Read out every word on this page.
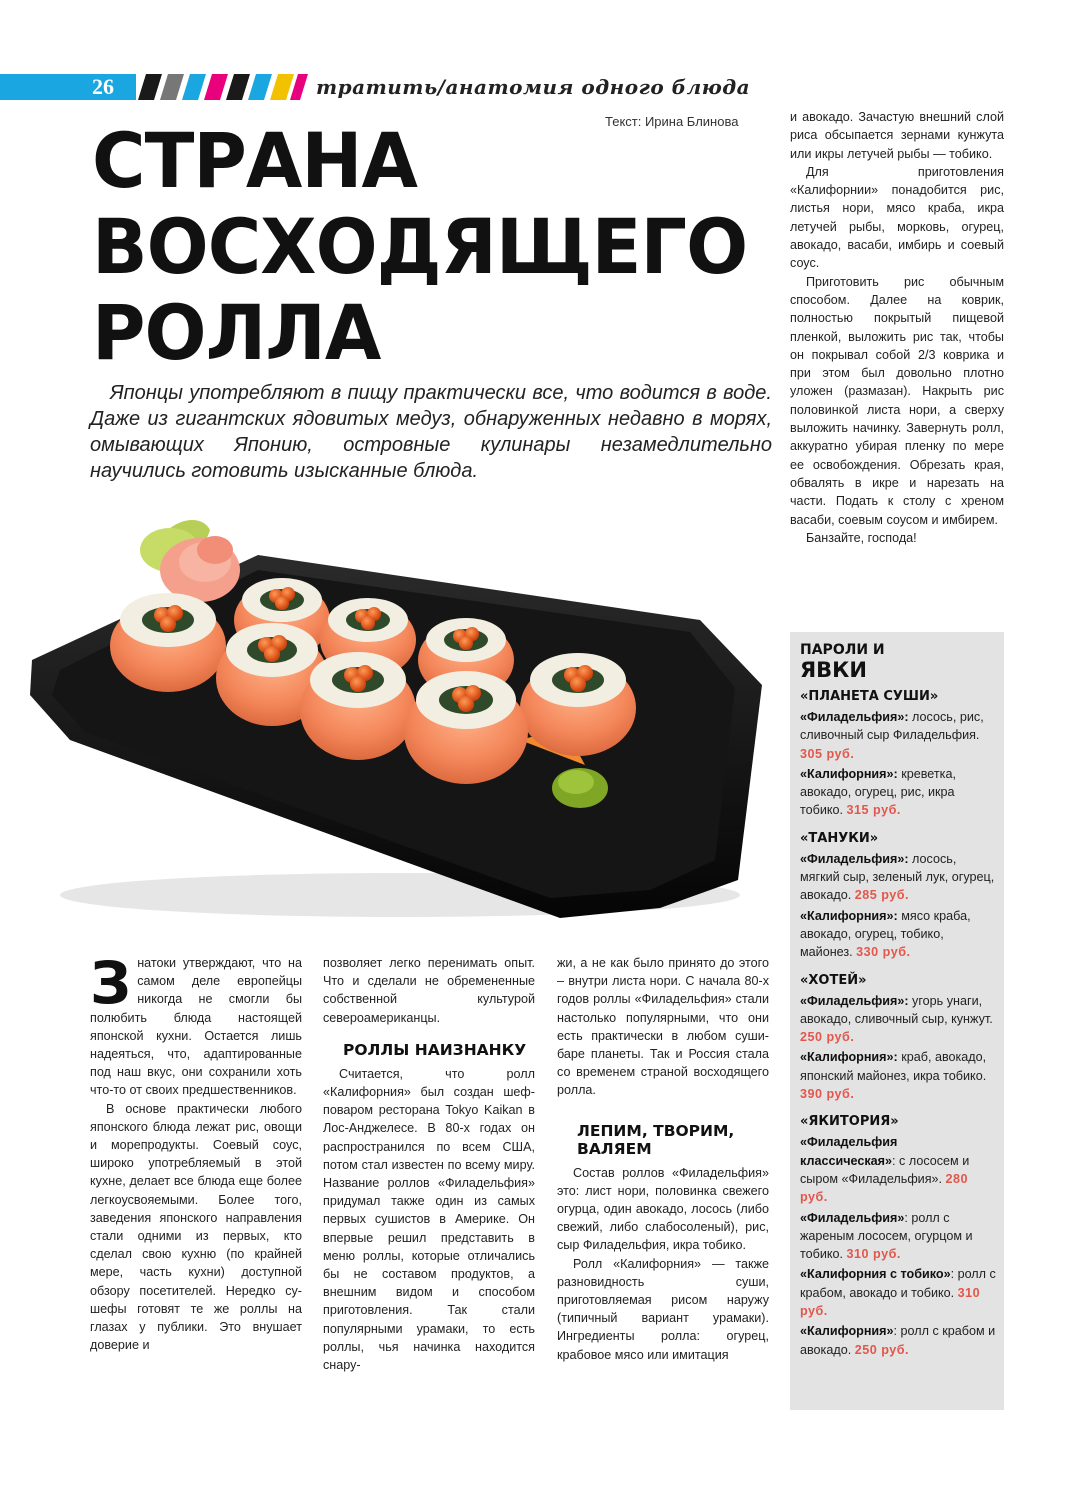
26	тратить/анатомия одного блюда
Текст: Ирина Блинова
СТРАНА
ВОСХОДЯЩЕГО
РОЛЛА

Японцы употребляют в пищу практически все, что водится в воде. Даже из гигантских ядовитых медуз, обнаруженных недавно в морях, омывающих Японию, островные кулинары незамедлительно научились готовить изысканные блюда.

и авокадо. Зачастую внешний слой риса обсыпается зернами кунжута или икры летучей рыбы — тобико.

Для приготовления «Калифорнии» понадобится рис, листья нори, мясо краба, икра летучей рыбы, морковь, огурец, авокадо, васаби, имбирь и соевый соус.

Приготовить рис обычным способом. Далее на коврик, полностью покрытый пищевой пленкой, выложить рис так, чтобы он покрывал собой 2/3 коврика и при этом был довольно плотно уложен (размазан). Накрыть рис половинкой листа нори, а сверху выложить начинку. Завернуть ролл, аккуратно убирая пленку по мере ее освобождения. Обрезать края, обвалять в икре и нарезать на части. Подать к столу с хреном васаби, соевым соусом и имбирем.

Банзайте, господа!

Знатоки утверждают, что на самом деле европейцы никогда не смогли бы полюбить блюда настоящей японской кухни. Остается лишь надеяться, что, адаптированные под наш вкус, они сохранили хоть что-то от своих предшественников.

В основе практически любого японского блюда лежат рис, овощи и морепродукты. Соевый соус, широко употребляемый в этой кухне, делает все блюда еще более легкоусвояемыми. Более того, заведения японского направления стали одними из первых, кто сделал свою кухню (по крайней мере, часть кухни) доступной обзору посетителей. Нередко су-шефы готовят те же роллы на глазах у публики. Это внушает доверие и

позволяет легко перенимать опыт. Что и сделали не обремененные собственной культурой североамериканцы.

РОЛЛЫ НАИЗНАНКУ

Считается, что ролл «Калифорния» был создан шеф-поваром ресторана Tokyo Kaikan в Лос-Анджелесе. В 80-х годах он распространился по всем США, потом стал известен по всему миру. Название роллов «Филадельфия» придумал также один из самых первых сушистов в Америке. Он впервые решил представить в меню роллы, которые отличались бы не составом продуктов, а внешним видом и способом приготовления. Так стали популярными урамаки, то есть роллы, чья начинка находится снару-

жи, а не как было принято до этого – внутри листа нори. С начала 80-х годов роллы «Филадельфия» стали настолько популярными, что они есть практически в любом суши-баре планеты. Так и Россия стала со временем страной восходящего ролла.

ЛЕПИМ, ТВОРИМ, ВАЛЯЕМ

Состав роллов «Филадельфия» это: лист нори, половинка свежего огурца, один авокадо, лосось (либо свежий, либо слабосоленый), рис, сыр Филадельфия, икра тобико.

Ролл «Калифорния» — также разновидность суши, приготовляемая рисом наружу (типичный вариант урамаки). Ингредиенты ролла: огурец, крабовое мясо или имитация

ПАРОЛИ И
ЯВКИ
«ПЛАНЕТА СУШИ»
«Филадельфия»: лосось, рис, сливочный сыр Филадельфия. 305 руб.
«Калифорния»: креветка, авокадо, огурец, рис, икра тобико. 315 руб.
«ТАНУКИ»
«Филадельфия»: лосось, мягкий сыр, зеленый лук, огурец, авокадо. 285 руб.
«Калифорния»: мясо краба, авокадо, огурец, тобико, майонез. 330 руб.
«ХОТЕЙ»
«Филадельфия»: угорь унаги, авокадо, сливочный сыр, кунжут. 250 руб.
«Калифорния»: краб, авокадо, японский майонез, икра тобико. 390 руб.
«ЯКИТОРИЯ»
«Филадельфия классическая»: с лососем и сыром «Филадельфия». 280 руб.
«Филадельфия»: ролл с жареным лососем, огурцом и тобико. 310 руб.
«Калифорния с тобико»: ролл с крабом, авокадо и тобико. 310 руб.
«Калифорния»: ролл с крабом и авокадо. 250 руб.
